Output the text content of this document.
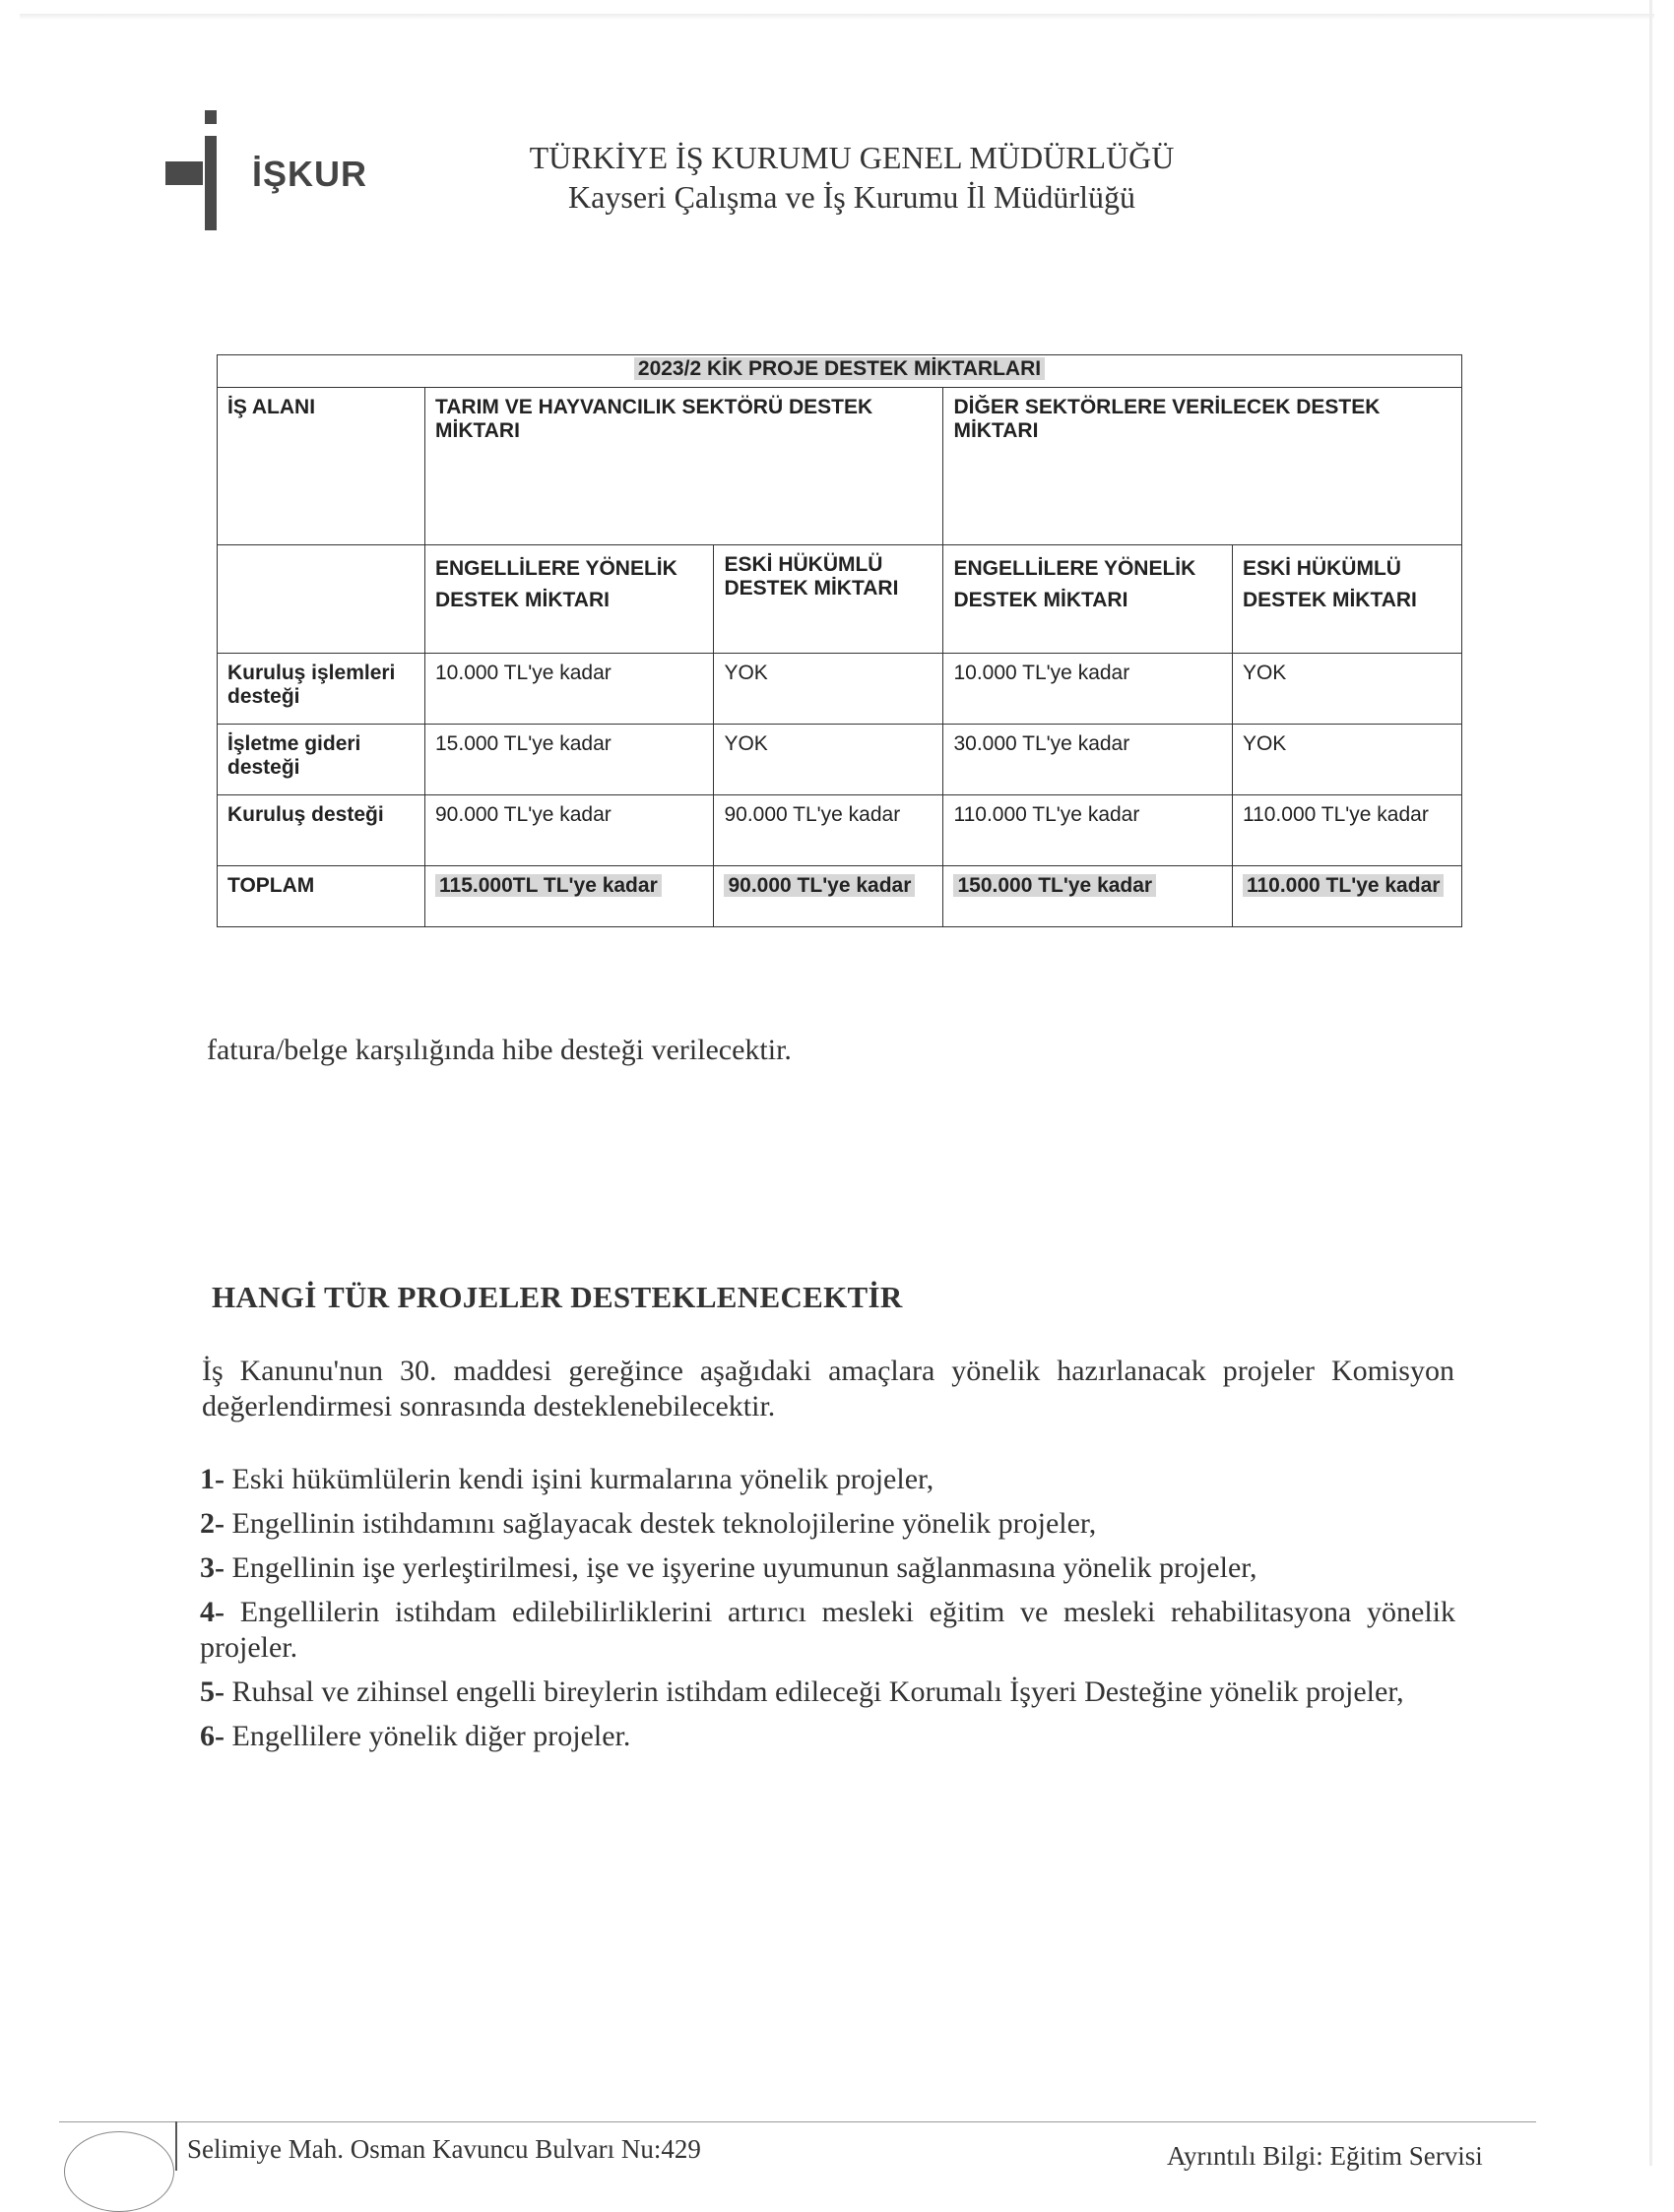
İŞKUR	TÜRKİYE İŞ KURUMU GENEL MÜDÜRLÜĞÜ
Kayseri Çalışma ve İş Kurumu İl Müdürlüğü
2023/2 KİK PROJE DESTEK MİKTARLARI				
İŞ ALANI	TARIM VE HAYVANCILIK SEKTÖRÜ DESTEK MİKTARI		DİĞER SEKTÖRLERE VERİLECEK DESTEK MİKTARI	
	ENGELLİLERE YÖNELİK DESTEK MİKTARI	ESKİ HÜKÜMLÜ DESTEK MİKTARI	ENGELLİLERE YÖNELİK DESTEK MİKTARI	ESKİ HÜKÜMLÜ DESTEK MİKTARI
Kuruluş işlemleri desteği	10.000 TL'ye kadar	YOK	10.000 TL'ye kadar	YOK
İşletme gideri desteği	15.000 TL'ye kadar	YOK	30.000 TL'ye kadar	YOK
Kuruluş desteği	90.000 TL'ye kadar	90.000 TL'ye kadar	110.000 TL'ye kadar	110.000 TL'ye kadar
TOPLAM	115.000TL TL'ye kadar	90.000 TL'ye kadar	150.000 TL'ye kadar	110.000 TL'ye kadar
fatura/belge karşılığında hibe desteği verilecektir.
HANGİ TÜR PROJELER DESTEKLENECEKTİR
İş Kanunu'nun 30. maddesi gereğince aşağıdaki amaçlara yönelik hazırlanacak projeler Komisyon değerlendirmesi sonrasında desteklenebilecektir.
1- Eski hükümlülerin kendi işini kurmalarına yönelik projeler,
2- Engellinin istihdamını sağlayacak destek teknolojilerine yönelik projeler,
3- Engellinin işe yerleştirilmesi, işe ve işyerine uyumunun sağlanmasına yönelik projeler,
4- Engellilerin istihdam edilebilirliklerini artırıcı mesleki eğitim ve mesleki rehabilitasyona yönelik projeler.
5- Ruhsal ve zihinsel engelli bireylerin istihdam edileceği Korumalı İşyeri Desteğine yönelik projeler,
6- Engellilere yönelik diğer projeler.
Selimiye Mah. Osman Kavuncu Bulvarı Nu:429	Ayrıntılı Bilgi: Eğitim Servisi
